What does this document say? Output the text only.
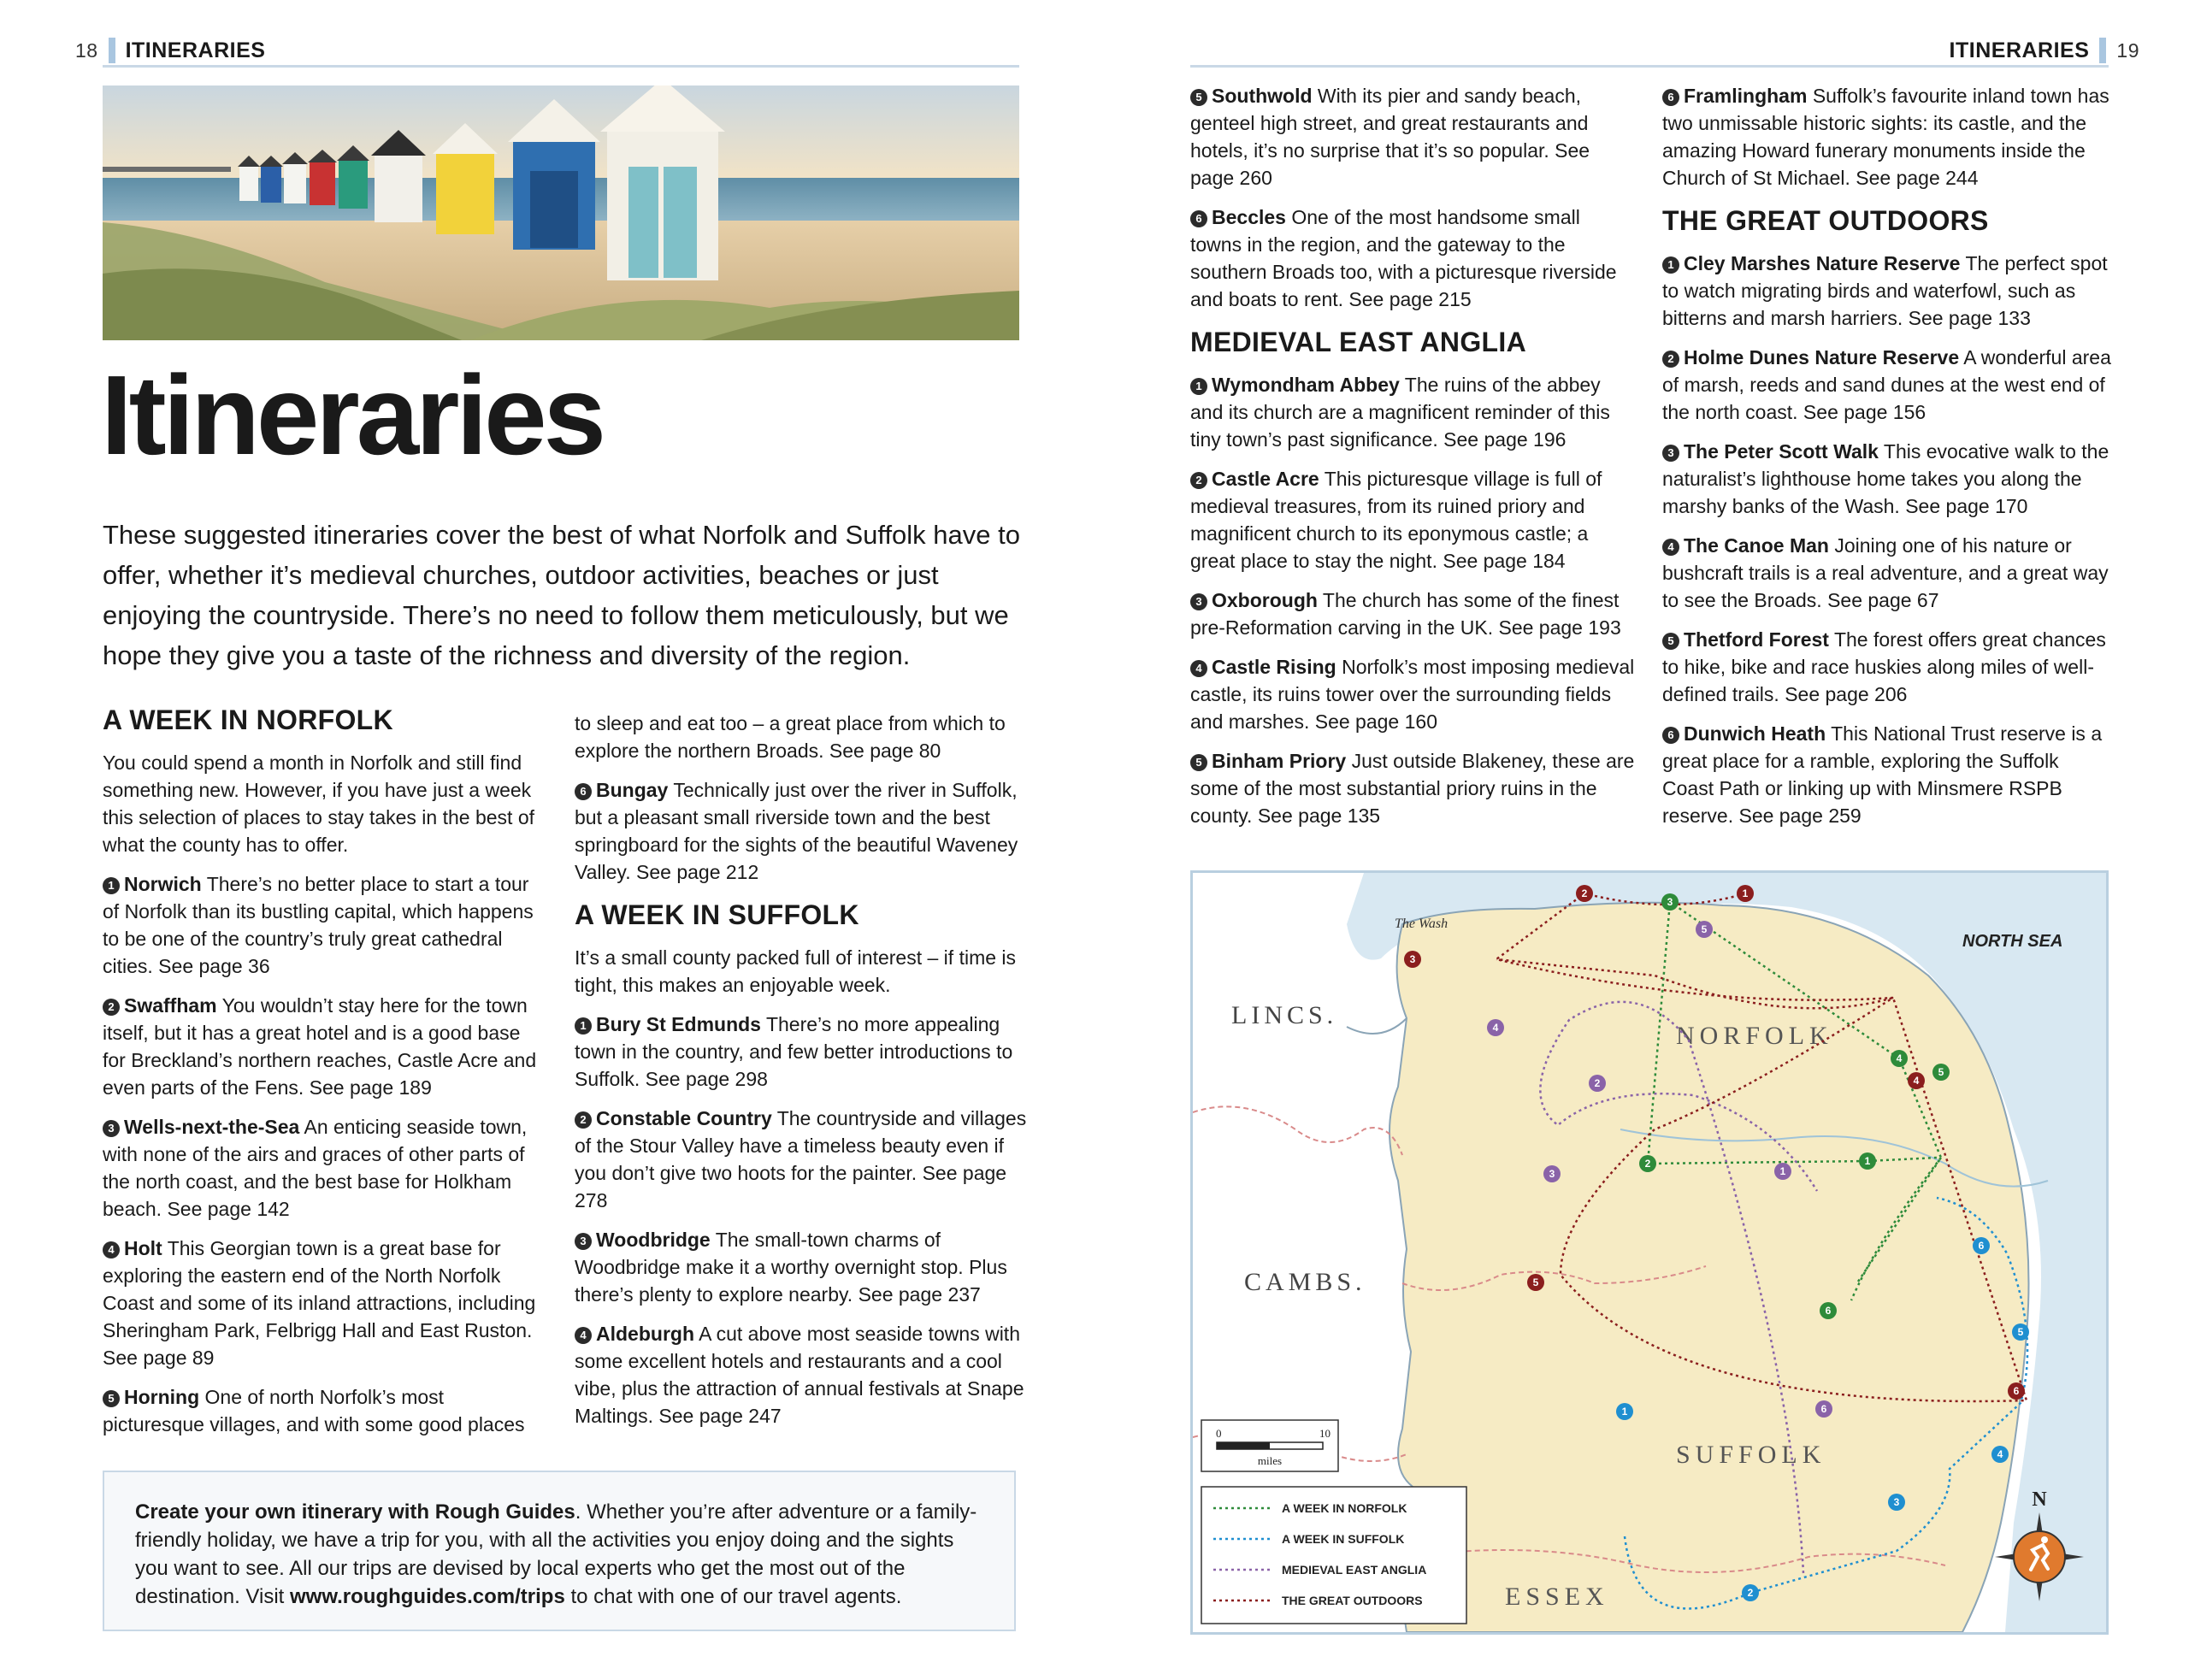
18 ITINERARIES
Itineraries

These suggested itineraries cover the best of what Norfolk and Suffolk have to offer, whether it’s medieval churches, outdoor activities, beaches or just enjoying the countryside. There’s no need to follow them meticulously, but we hope they give you a taste of the richness and diversity of the region.

A WEEK IN NORFOLK

You could spend a month in Norfolk and still find something new. However, if you have just a week this selection of places to stay takes in the best of what the county has to offer.

1 Norwich There’s no better place to start a tour of Norfolk than its bustling capital, which happens to be one of the country’s truly great cathedral cities. See page 36

2 Swaffham You wouldn’t stay here for the town itself, but it has a great hotel and is a good base for Breckland’s northern reaches, Castle Acre and even parts of the Fens. See page 189

3 Wells-next-the-Sea An enticing seaside town, with none of the airs and graces of other parts of the north coast, and the best base for Holkham beach. See page 142

4 Holt This Georgian town is a great base for exploring the eastern end of the North Norfolk Coast and some of its inland attractions, including Sheringham Park, Felbrigg Hall and East Ruston. See page 89

5 Horning One of north Norfolk’s most picturesque villages, and with some good places

to sleep and eat too – a great place from which to explore the northern Broads. See page 80

6 Bungay Technically just over the river in Suffolk, but a pleasant small riverside town and the best springboard for the sights of the beautiful Waveney Valley. See page 212

A WEEK IN SUFFOLK

It’s a small county packed full of interest – if time is tight, this makes an enjoyable week.

1 Bury St Edmunds There’s no more appealing town in the country, and few better introductions to Suffolk. See page 298

2 Constable Country The countryside and villages of the Stour Valley have a timeless beauty even if you don’t give two hoots for the painter. See page 278

3 Woodbridge The small-town charms of Woodbridge make it a worthy overnight stop. Plus there’s plenty to explore nearby. See page 237

4 Aldeburgh A cut above most seaside towns with some excellent hotels and restaurants and a cool vibe, plus the attraction of annual festivals at Snape Maltings. See page 247

Create your own itinerary with Rough Guides. Whether you’re after adventure or a family-friendly holiday, we have a trip for you, with all the activities you enjoy doing and the sights you want to see. All our trips are devised by local experts who get the most out of the destination. Visit www.roughguides.com/trips to chat with one of our travel agents.
ITINERARIES 19

5 Southwold With its pier and sandy beach, genteel high street, and great restaurants and hotels, it’s no surprise that it’s so popular. See page 260

6 Beccles One of the most handsome small towns in the region, and the gateway to the southern Broads too, with a picturesque riverside and boats to rent. See page 215

MEDIEVAL EAST ANGLIA

1 Wymondham Abbey The ruins of the abbey and its church are a magnificent reminder of this tiny town’s past significance. See page 196

2 Castle Acre This picturesque village is full of medieval treasures, from its ruined priory and magnificent church to its eponymous castle; a great place to stay the night. See page 184

3 Oxborough The church has some of the finest pre-Reformation carving in the UK. See page 193

4 Castle Rising Norfolk’s most imposing medieval castle, its ruins tower over the surrounding fields and marshes. See page 160

5 Binham Priory Just outside Blakeney, these are some of the most substantial priory ruins in the county. See page 135

6 Framlingham Suffolk’s favourite inland town has two unmissable historic sights: its castle, and the amazing Howard funerary monuments inside the Church of St Michael. See page 244

THE GREAT OUTDOORS

1 Cley Marshes Nature Reserve The perfect spot to watch migrating birds and waterfowl, such as bitterns and marsh harriers. See page 133

2 Holme Dunes Nature Reserve A wonderful area of marsh, reeds and sand dunes at the west end of the north coast. See page 156

3 The Peter Scott Walk This evocative walk to the naturalist’s lighthouse home takes you along the marshy banks of the Wash. See page 170

4 The Canoe Man Joining one of his nature or bushcraft trails is a real adventure, and a great way to see the Broads. See page 67

5 Thetford Forest The forest offers great chances to hike, bike and race huskies along miles of well-defined trails. See page 206

6 Dunwich Heath This National Trust reserve is a great place for a ramble, exploring the Suffolk Coast Path or linking up with Minsmere RSPB reserve. See page 259

The Wash
NORTH SEA
LINCS.
NORFOLK
CAMBS.
SUFFOLK
ESSEX
1
2
3
4
5
6
1
2
3
4
5
6
1
2
3
4
5
6
1
2
3
4
5
6
0	10
miles
A WEEK IN NORFOLK
A WEEK IN SUFFOLK
MEDIEVAL EAST ANGLIA
THE GREAT OUTDOORS
N
